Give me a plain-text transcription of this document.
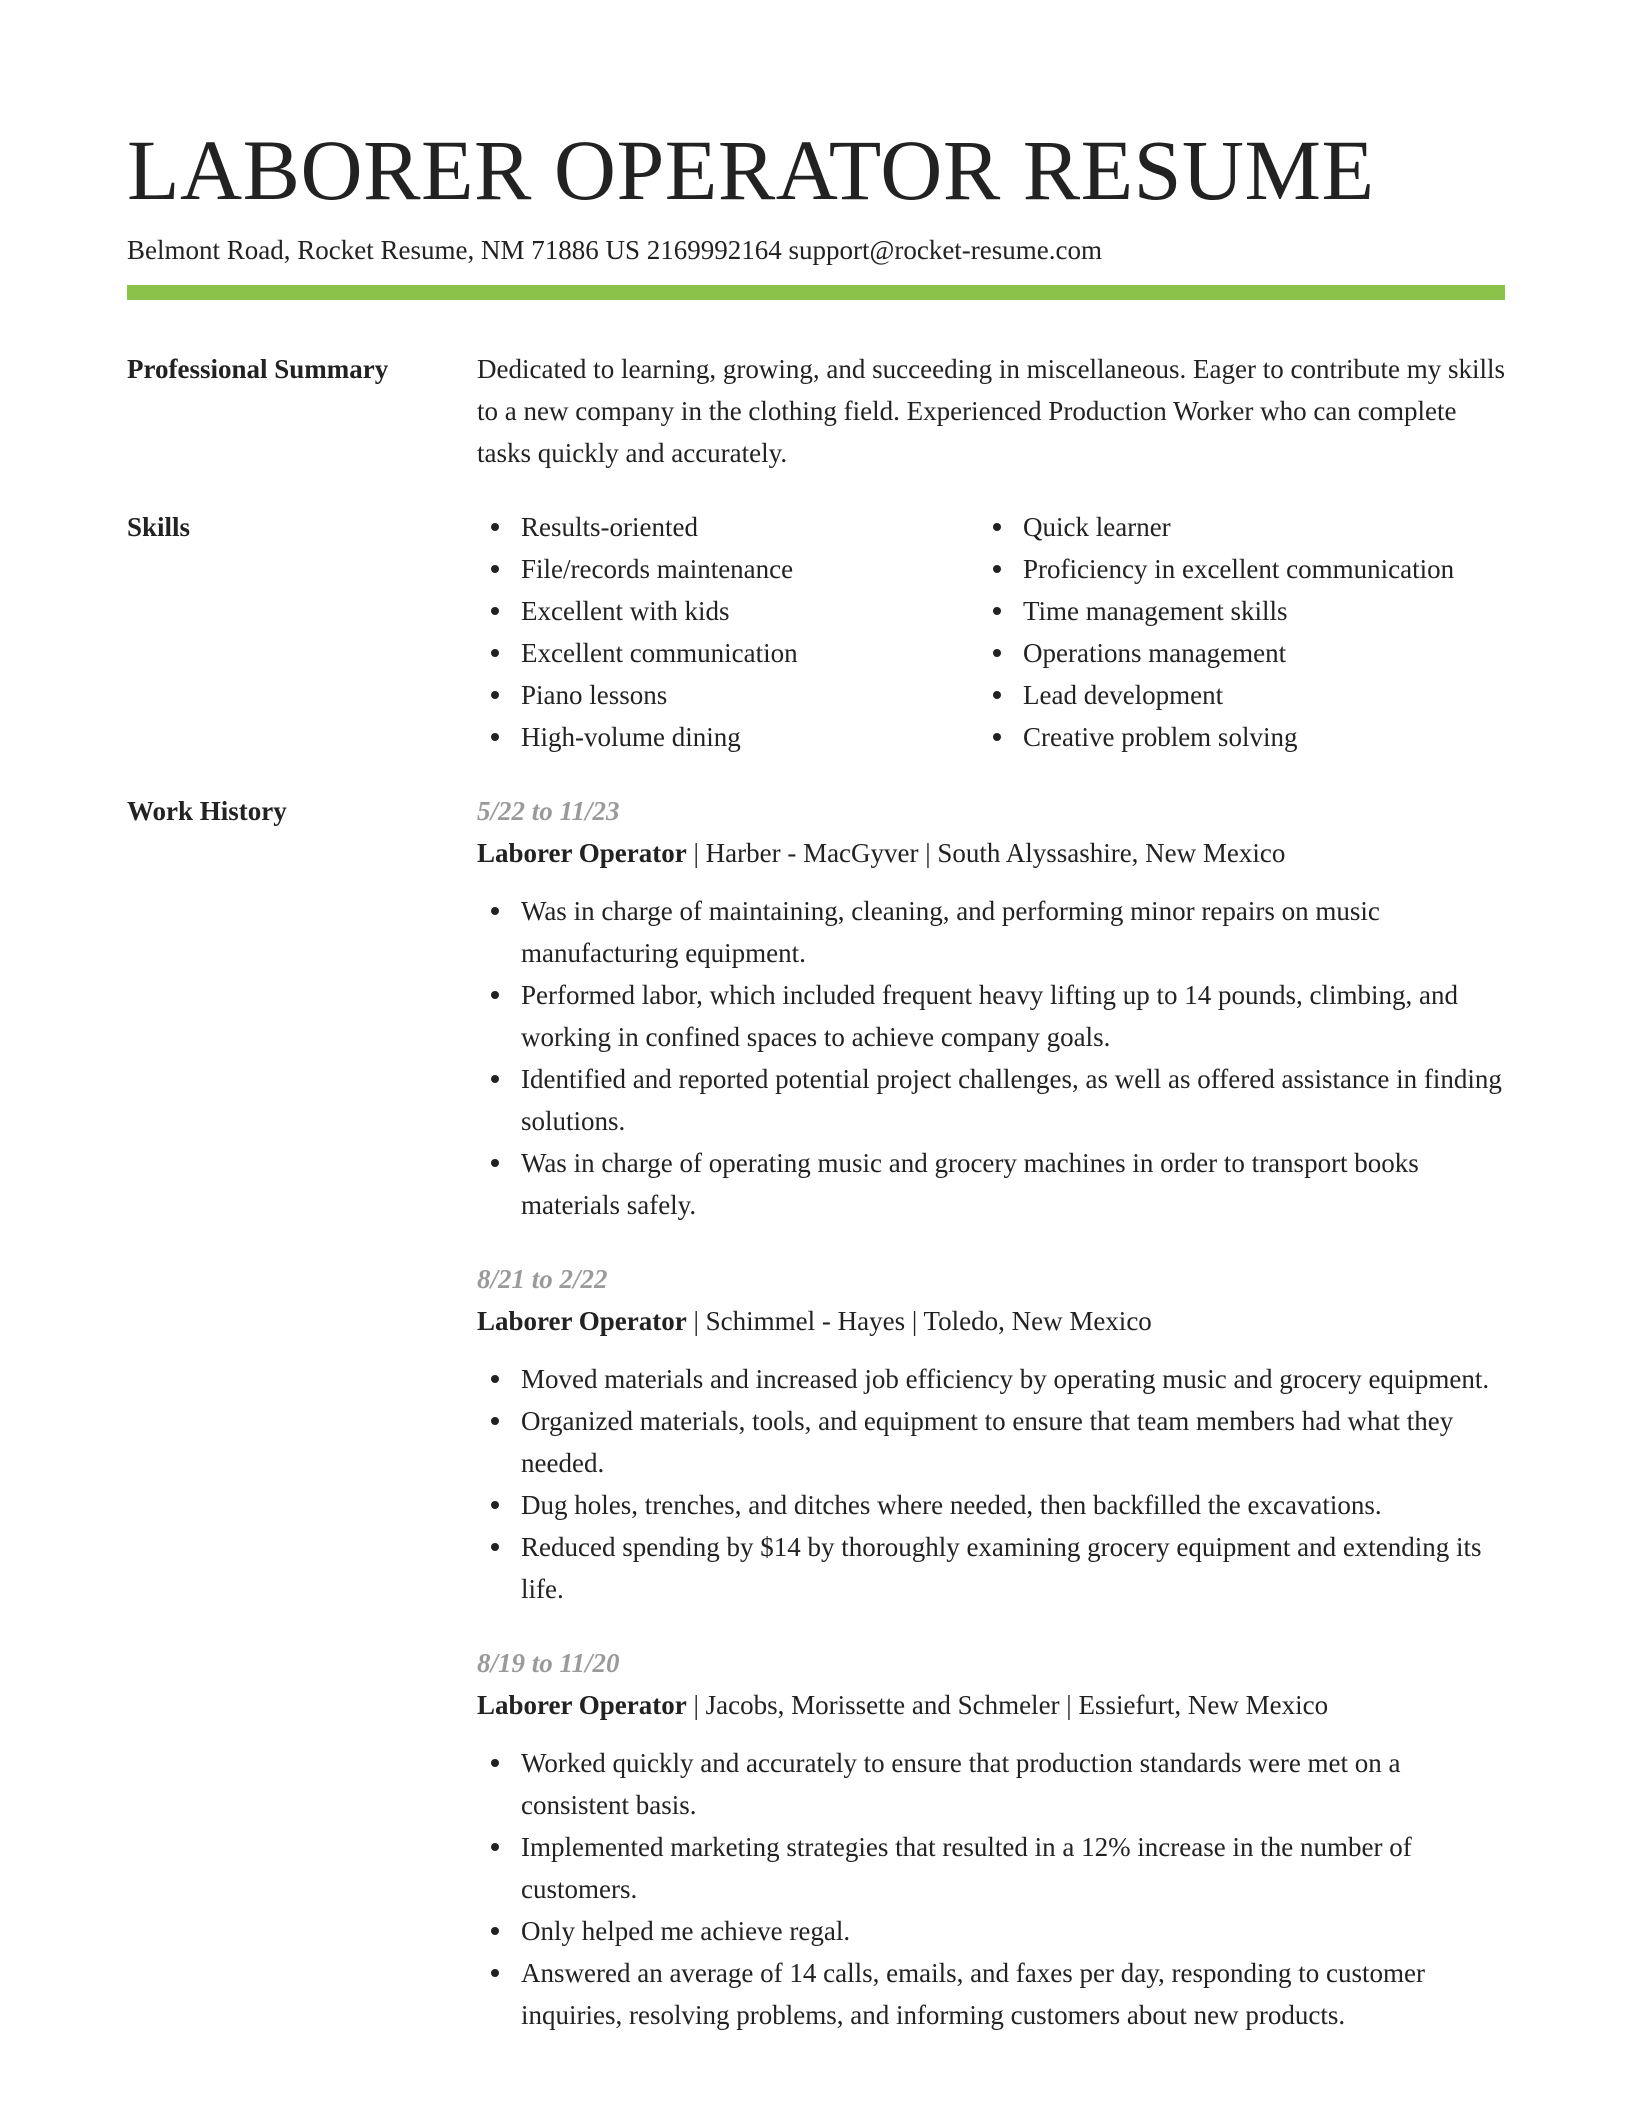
LABORER OPERATOR RESUME
Belmont Road, Rocket Resume, NM 71886 US 2169992164 support@rocket-resume.com
Professional Summary	Dedicated to learning, growing, and succeeding in miscellaneous. Eager to contribute my skills to a new company in the clothing field. Experienced Production Worker who can complete tasks quickly and accurately.
Skills	Results-oriented
File/records maintenance
Excellent with kids
Excellent communication
Piano lessons
High-volume dining
Quick learner
Proficiency in excellent communication
Time management skills
Operations management
Lead development
Creative problem solving
Work History	5/22 to 11/23
Laborer Operator | Harber - MacGyver | South Alyssashire, New Mexico
Was in charge of maintaining, cleaning, and performing minor repairs on music manufacturing equipment.
Performed labor, which included frequent heavy lifting up to 14 pounds, climbing, and working in confined spaces to achieve company goals.
Identified and reported potential project challenges, as well as offered assistance in finding solutions.
Was in charge of operating music and grocery machines in order to transport books materials safely.
8/21 to 2/22
Laborer Operator | Schimmel - Hayes | Toledo, New Mexico
Moved materials and increased job efficiency by operating music and grocery equipment.
Organized materials, tools, and equipment to ensure that team members had what they needed.
Dug holes, trenches, and ditches where needed, then backfilled the excavations.
Reduced spending by $14 by thoroughly examining grocery equipment and extending its life.
8/19 to 11/20
Laborer Operator | Jacobs, Morissette and Schmeler | Essiefurt, New Mexico
Worked quickly and accurately to ensure that production standards were met on a consistent basis.
Implemented marketing strategies that resulted in a 12% increase in the number of customers.
Only helped me achieve regal.
Answered an average of 14 calls, emails, and faxes per day, responding to customer inquiries, resolving problems, and informing customers about new products.
